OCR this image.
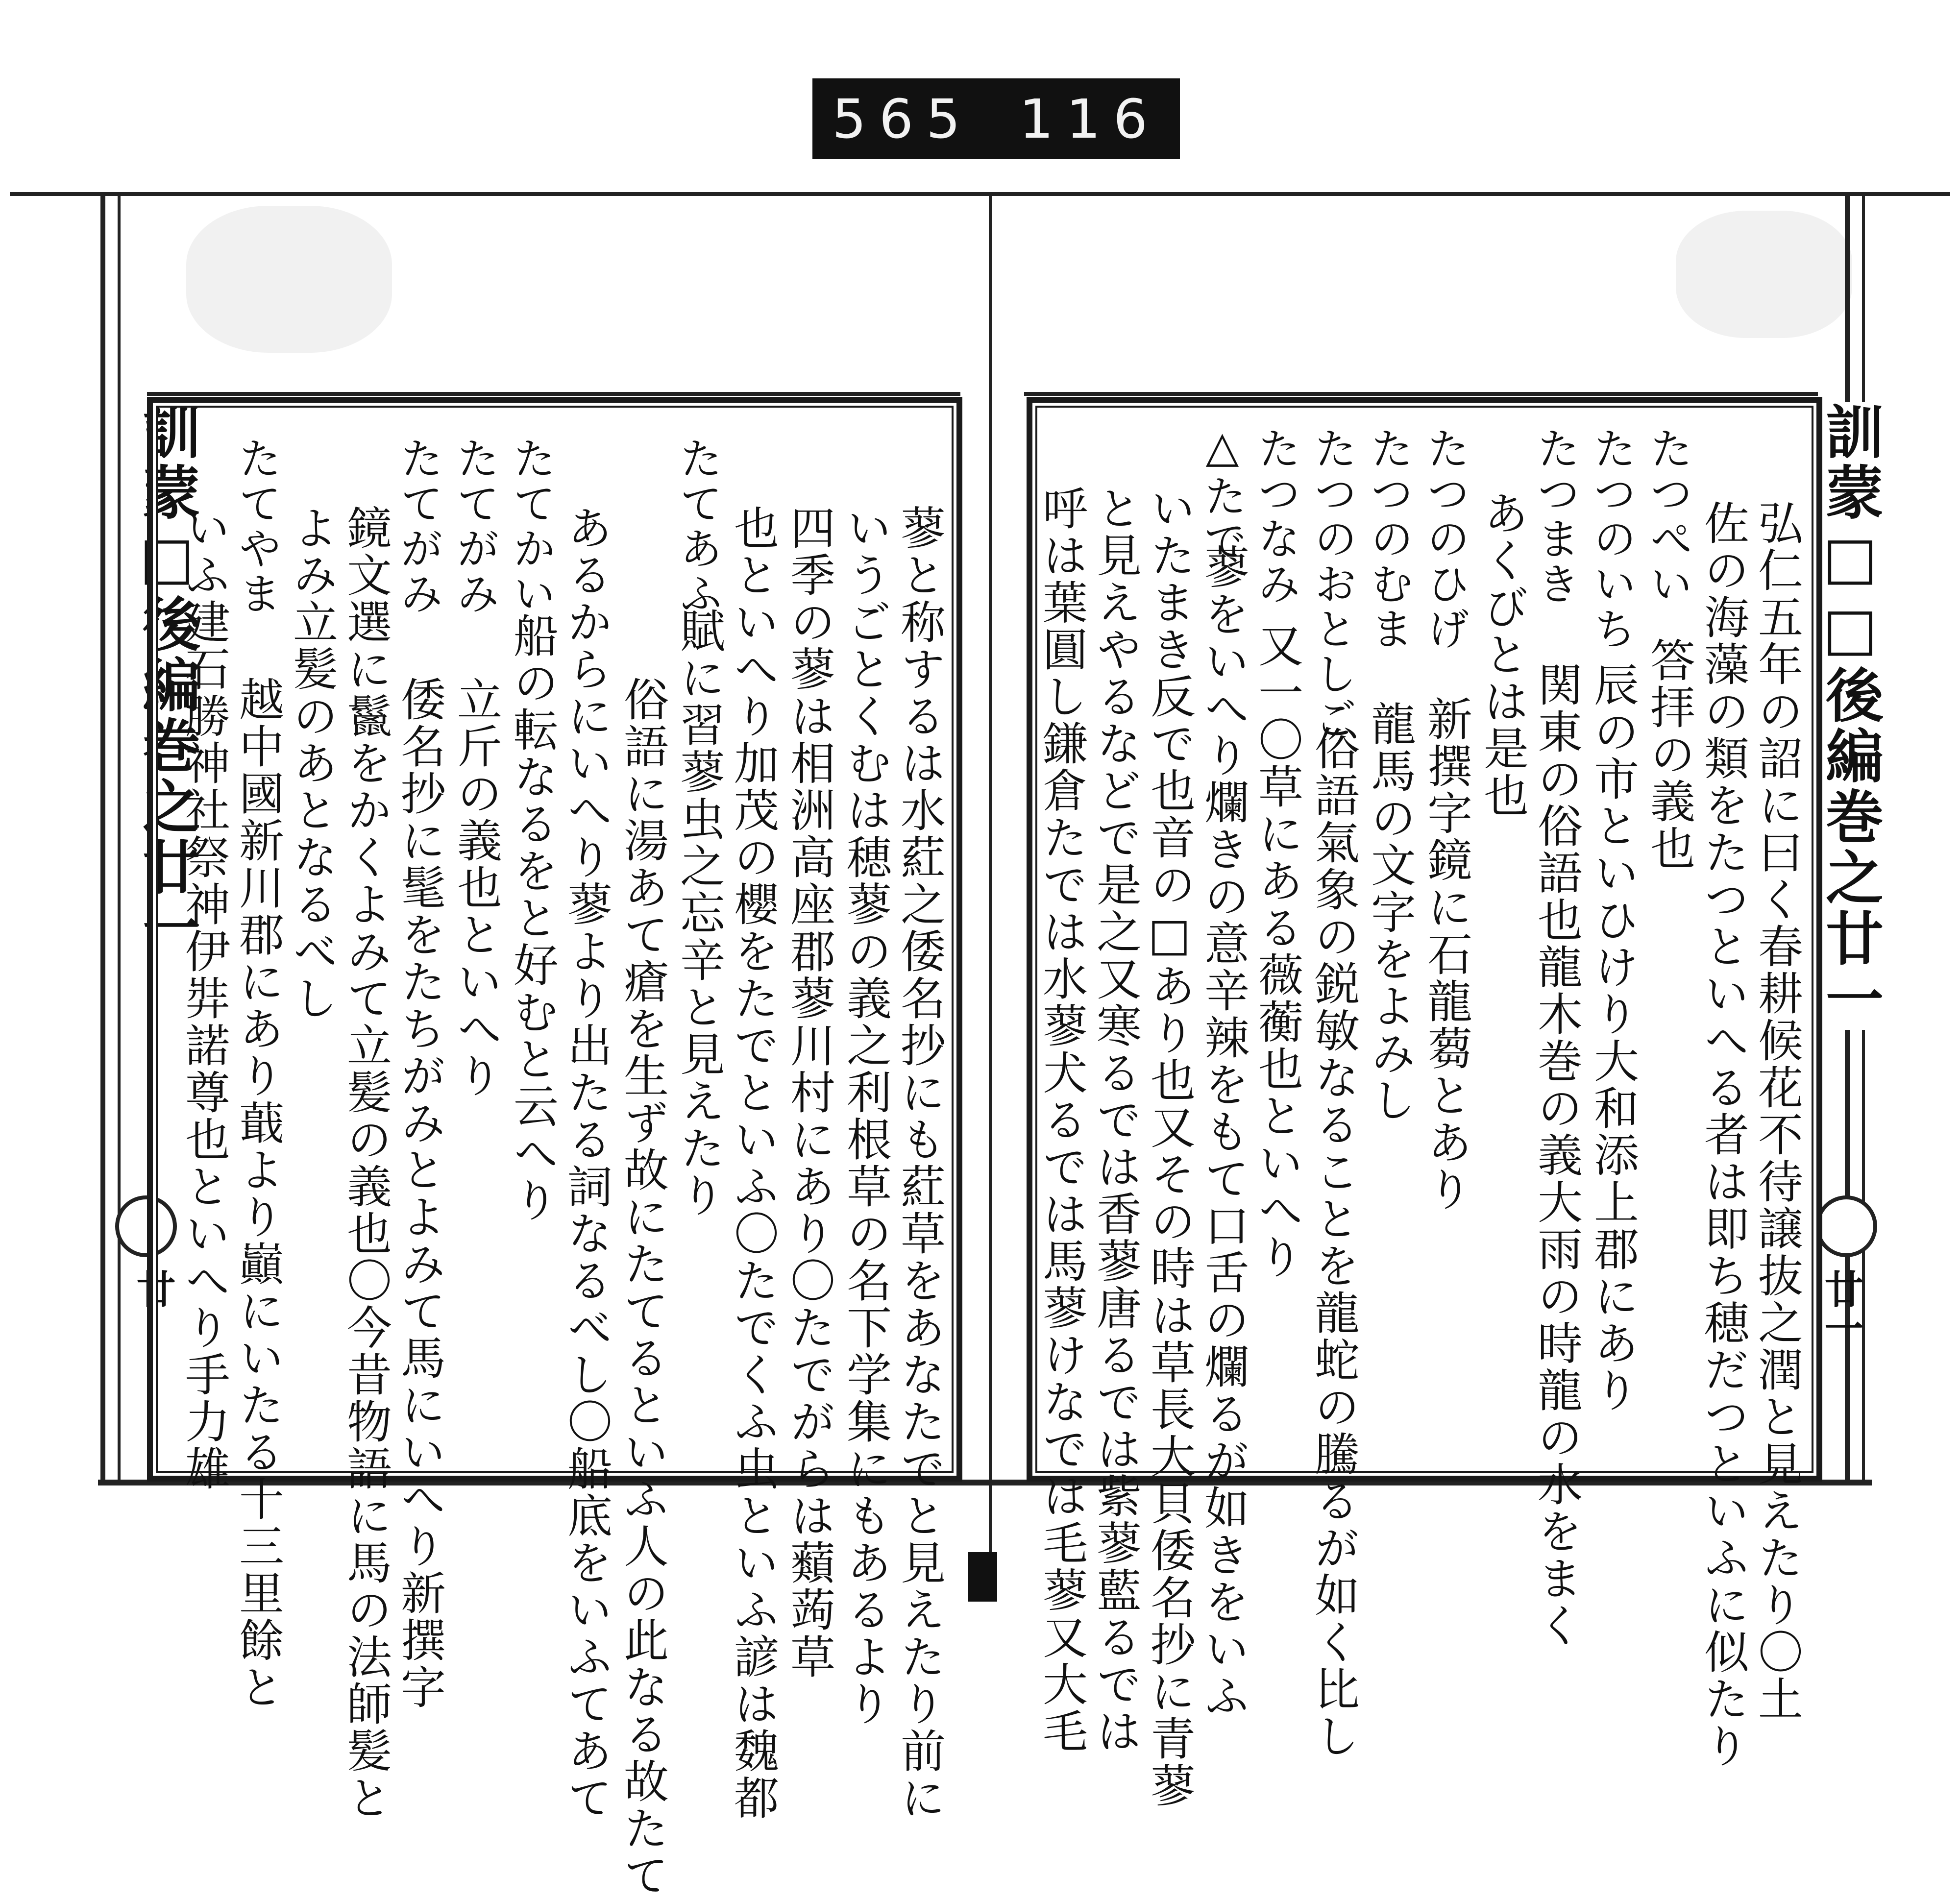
565 116
訓蒙□後編巻之廿一
廿
訓蒙□□後編巻之廿一
廿一
弘仁五年の詔に曰く春耕候花不待譲抜之潤と見えたり〇土
佐の海藻の類をたつといへる者は即ち穂だつといふに似たり
たつぺい
答拝の義也
たつのいち
辰の市といひけり大和添上郡にあり
たつまき
関東の俗語也龍木巻の義大雨の時龍の水をまく
あくびとは是也
たつのひげ
新撰字鏡に石龍蒭とあり
たつのむま
龍馬の文字をよみし
たつのおとしご
俗語氣象の鋭敏なることを龍蛇の騰るが如く比し
たつなみ
又一〇草にある薇蘅也といへり
△たで
蓼をいへり爛きの意辛辣をもて口舌の爛るが如きをいふ
いたまき反で也音の□あり也又その時は草長大貝倭名抄に青蓼
と見えやるなどで是之又寒るでは香蓼唐るでは紫蓼藍るでは
呼は葉圓し鎌倉たでは水蓼犬るでは馬蓼けなでは毛蓼又大毛
蓼と称するは水葒之倭名抄にも葒草をあなたでと見えたり前に
いうごとくむは穂蓼の義之利根草の名下学集にもあるより
四季の蓼は相洲高座郡蓼川村にあり〇たでがらは蘱蒟草
也といへり加茂の櫻をたでといふ〇たでくふ虫といふ諺は魏都
たてあふ
賦に習蓼虫之忘辛と見えたり
俗語に湯あて瘡を生ず故にたてるといふ人の此なる故たて
あるからにいへり蓼より出たる詞なるべし〇船底をいふてあて
たてかい
船の転なるをと好むと云へり
たてがみ
立斤の義也といへり
たてがみ
倭名抄に髦をたちがみとよみて馬にいへり新撰字
鏡文選に鬣をかくよみて立髪の義也〇今昔物語に馬の法師髪と
よみ立髪のあとなるべし
たてやま
越中國新川郡にあり蕺より巓にいたる十三里餘と
いふ建石勝神社祭神伊弉諾尊也といへり手力雄
